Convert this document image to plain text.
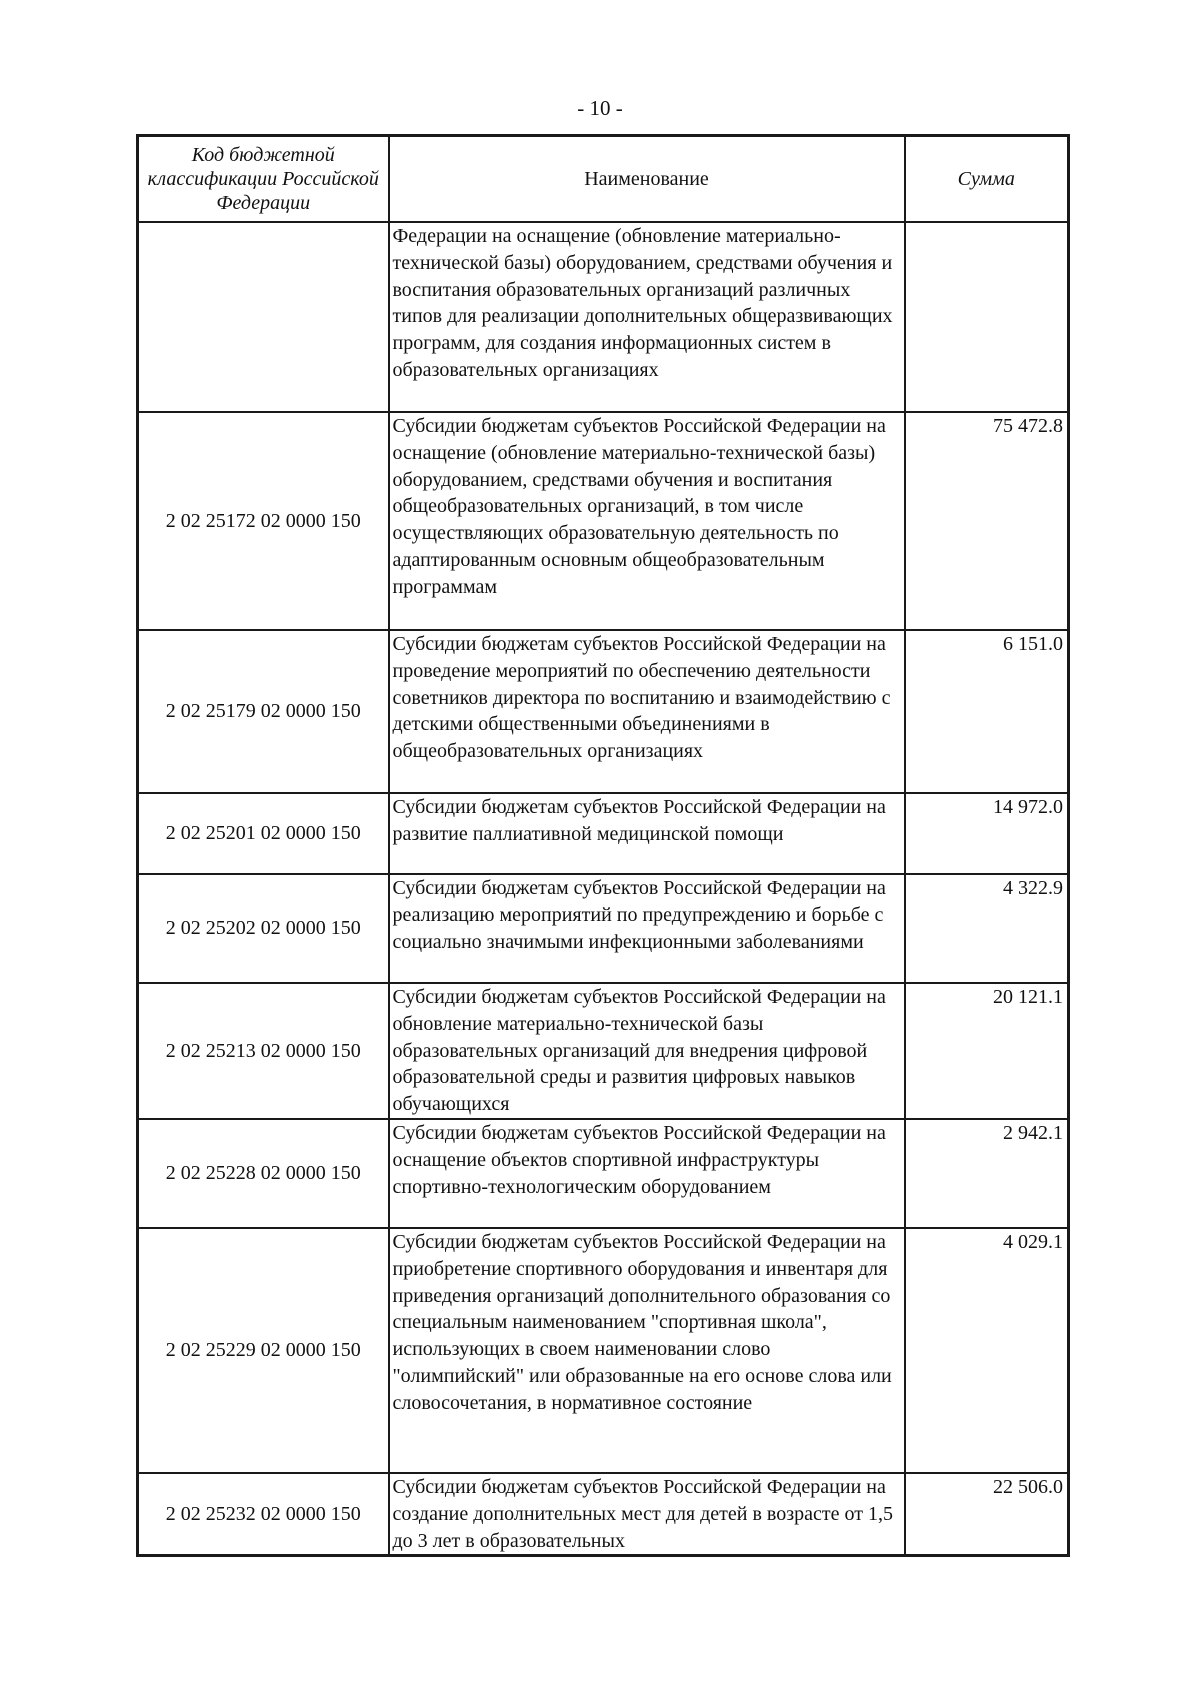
- 10 -
Код бюджетной классификации Российской Федерации	Наименование	Сумма
	Федерации на оснащение (обновление материально-технической базы) оборудованием, средствами обучения и воспитания образовательных организаций различных типов для реализации дополнительных общеразвивающих программ, для создания информационных систем в образовательных организациях	
2 02 25172 02 0000 150	Субсидии бюджетам субъектов Российской Федерации на оснащение (обновление материально-технической базы) оборудованием, средствами обучения и воспитания общеобразовательных организаций, в том числе осуществляющих образовательную деятельность по адаптированным основным общеобразовательным программам	75 472.8
2 02 25179 02 0000 150	Субсидии бюджетам субъектов Российской Федерации на проведение мероприятий по обеспечению деятельности советников директора по воспитанию и взаимодействию с детскими общественными объединениями в общеобразовательных организациях	6 151.0
2 02 25201 02 0000 150	Субсидии бюджетам субъектов Российской Федерации на развитие паллиативной медицинской помощи	14 972.0
2 02 25202 02 0000 150	Субсидии бюджетам субъектов Российской Федерации на реализацию мероприятий по предупреждению и борьбе с социально значимыми инфекционными заболеваниями	4 322.9
2 02 25213 02 0000 150	Субсидии бюджетам субъектов Российской Федерации на обновление материально-технической базы образовательных организаций для внедрения цифровой образовательной среды и развития цифровых навыков обучающихся	20 121.1
2 02 25228 02 0000 150	Субсидии бюджетам субъектов Российской Федерации на оснащение объектов спортивной инфраструктуры спортивно-технологическим оборудованием	2 942.1
2 02 25229 02 0000 150	Субсидии бюджетам субъектов Российской Федерации на приобретение спортивного оборудования и инвентаря для приведения организаций дополнительного образования со специальным наименованием "спортивная школа", использующих в своем наименовании слово "олимпийский" или образованные на его основе слова или словосочетания, в нормативное состояние	4 029.1
2 02 25232 02 0000 150	Субсидии бюджетам субъектов Российской Федерации на создание дополнительных мест для детей в возрасте от 1,5 до 3 лет в образовательных	22 506.0
